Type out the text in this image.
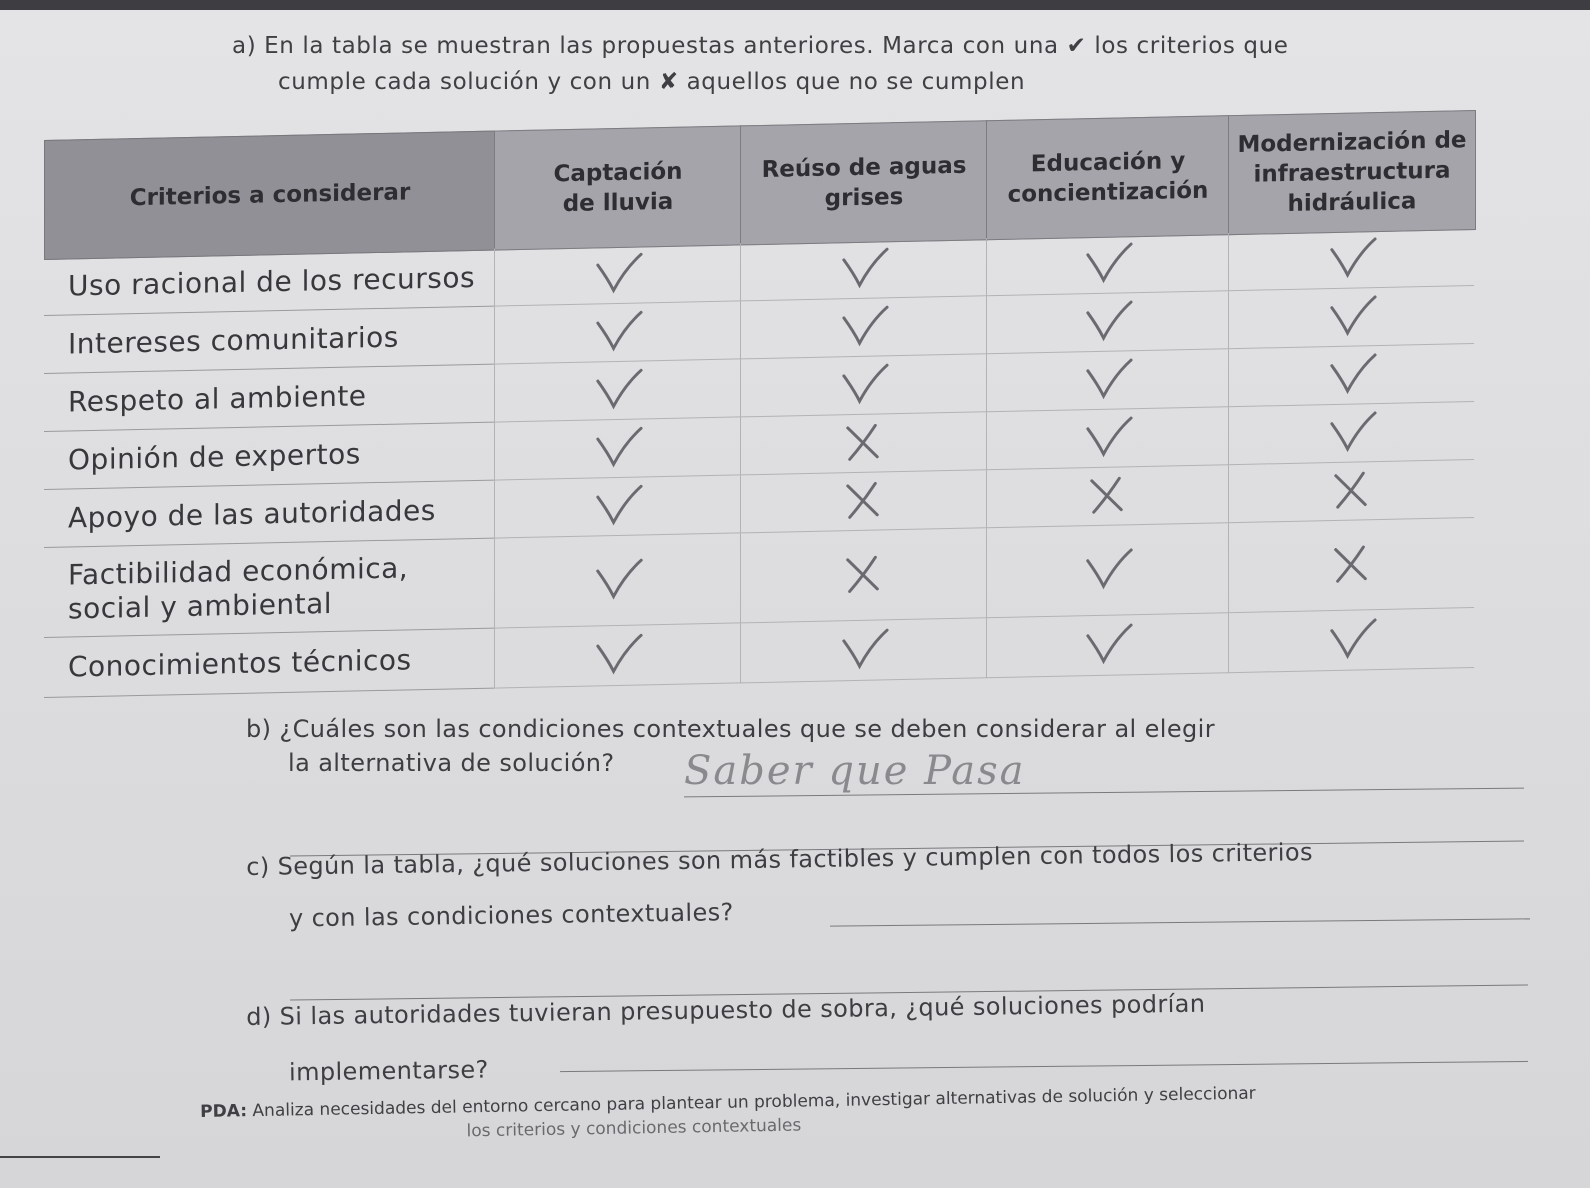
a) En la tabla se muestran las propuestas anteriores. Marca con una ✔ los criterios que
cumple cada solución y con un ✘ aquellos que no se cumplen
Criterios a considerar
Captación de lluvia
Reúso de aguas grises
Educación y concientización
Modernización de infraestructura hidráulica
Uso racional de los recursos
Intereses comunitarios
Respeto al ambiente
Opinión de expertos
Apoyo de las autoridades
Factibilidad económica, social y ambiental
Conocimientos técnicos
b) ¿Cuáles son las condiciones contextuales que se deben considerar al elegir
la alternativa de solución?	Saber que Pasa
c) Según la tabla, ¿qué soluciones son más factibles y cumplen con todos los criterios
y con las condiciones contextuales?
d) Si las autoridades tuvieran presupuesto de sobra, ¿qué soluciones podrían
implementarse?
PDA: Analiza necesidades del entorno cercano para plantear un problema, investigar alternativas de solución y seleccionar
los criterios y condiciones contextuales
